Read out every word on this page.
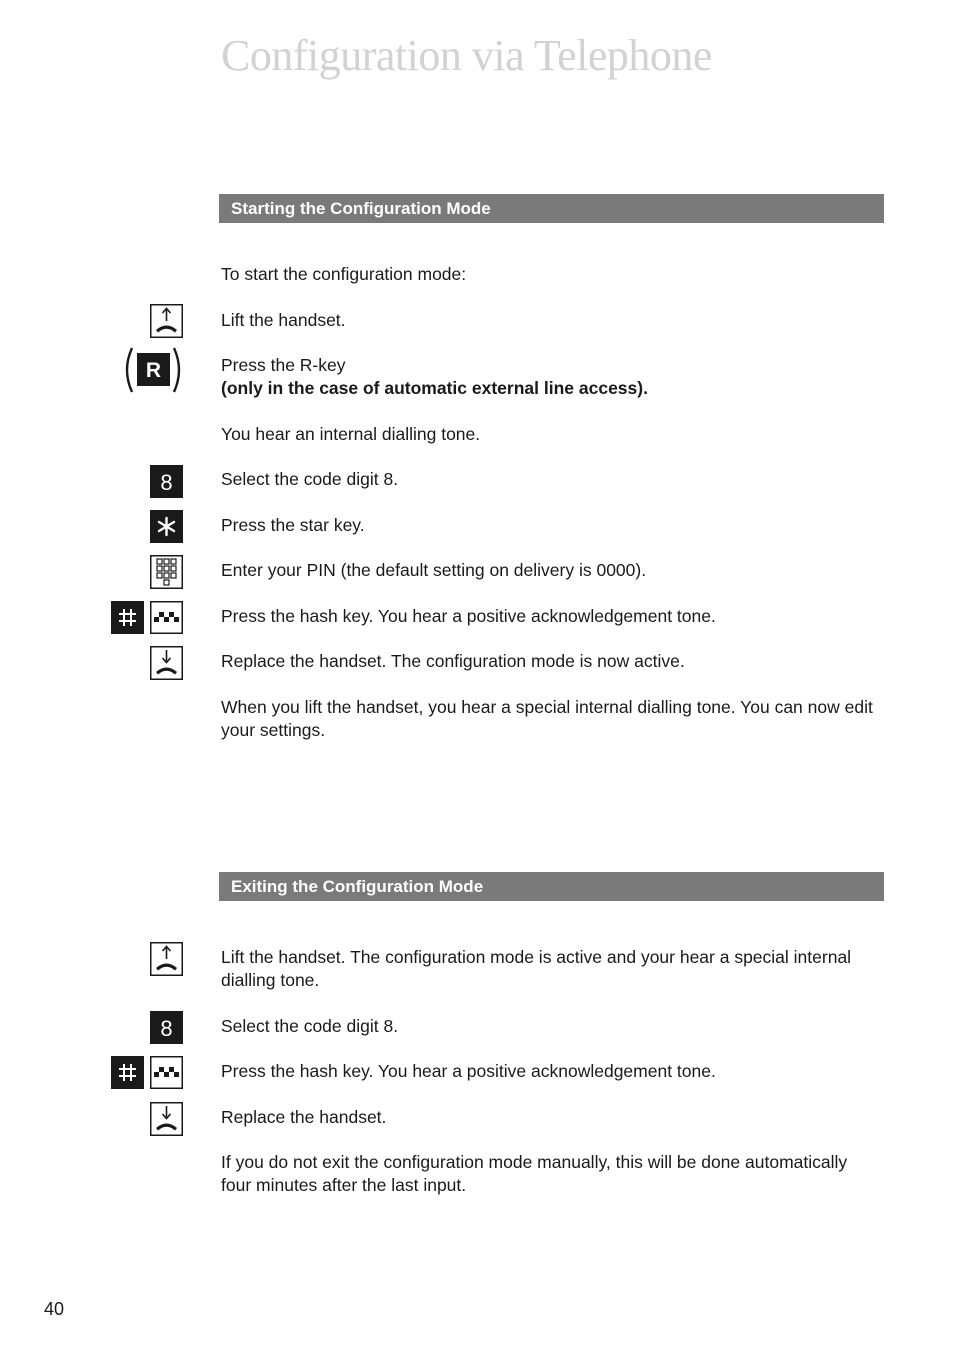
Configuration via Telephone
Starting the Configuration Mode
To start the configuration mode:
Lift the handset.
R	Press the R-key
(only in the case of automatic external line access).
You hear an internal dialling tone.
8	Select the code digit 8.
Press the star key.
Enter your PIN (the default setting on delivery is 0000).
Press the hash key. You hear a positive acknowledgement tone.
Replace the handset. The configuration mode is now active.
When you lift the handset, you hear a special internal dialling tone. You can now edit your settings.
Exiting the Configuration Mode
Lift the handset. The configuration mode is active and your hear a special internal dialling tone.
8	Select the code digit 8.
Press the hash key. You hear a positive acknowledgement tone.
Replace the handset.
If you do not exit the configuration mode manually, this will be done automatically four minutes after the last input.
40
